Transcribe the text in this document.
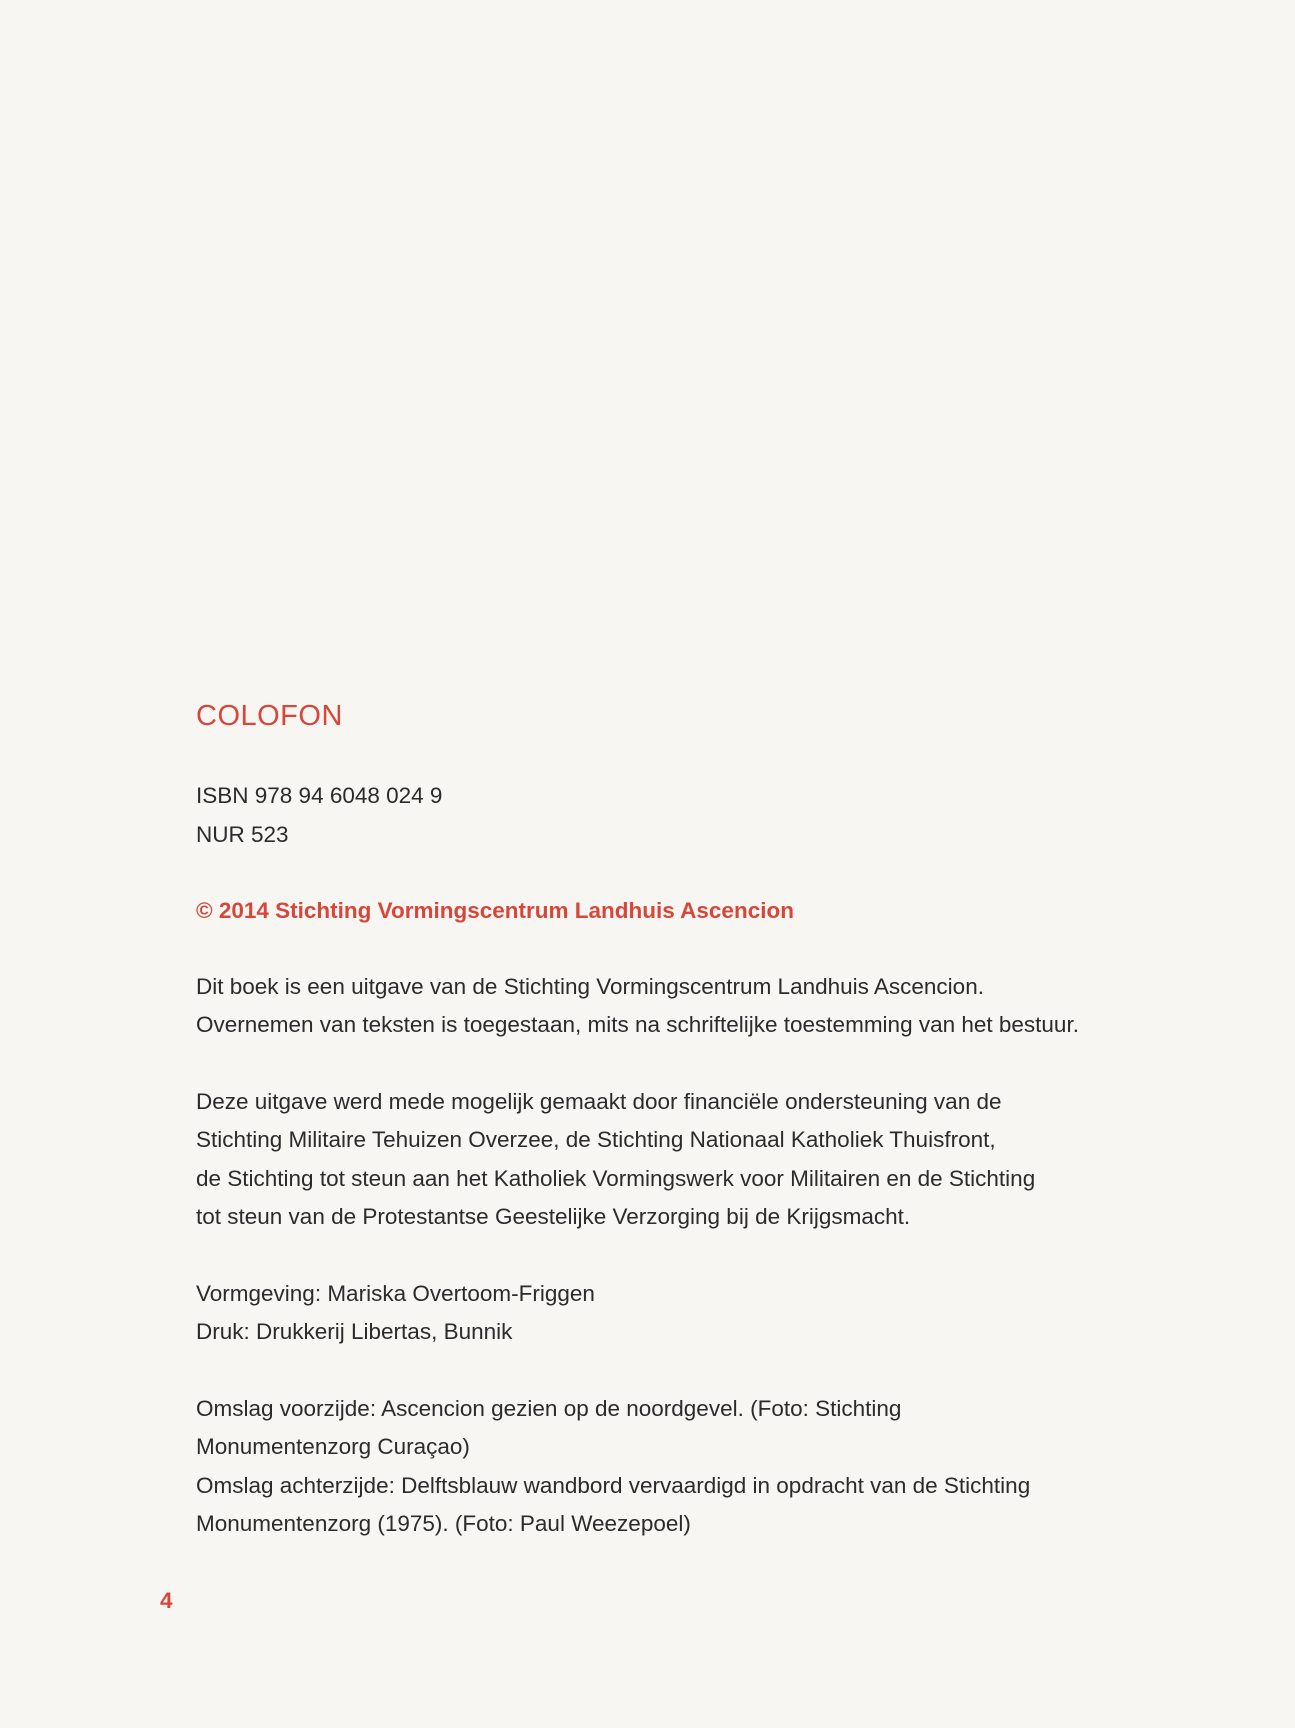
COLOFON

ISBN 978 94 6048 024 9

NUR 523

© 2014 Stichting Vormingscentrum Landhuis Ascencion

Dit boek is een uitgave van de Stichting Vormingscentrum Landhuis Ascencion.

Overnemen van teksten is toegestaan, mits na schriftelijke toestemming van het bestuur.

Deze uitgave werd mede mogelijk gemaakt door financiële ondersteuning van de

Stichting Militaire Tehuizen Overzee, de Stichting Nationaal Katholiek Thuisfront,

de Stichting tot steun aan het Katholiek Vormingswerk voor Militairen en de Stichting

tot steun van de Protestantse Geestelijke Verzorging bij de Krijgsmacht.

Vormgeving: Mariska Overtoom-Friggen

Druk: Drukkerij Libertas, Bunnik

Omslag voorzijde: Ascencion gezien op de noordgevel. (Foto: Stichting

Monumentenzorg Curaçao)

Omslag achterzijde: Delftsblauw wandbord vervaardigd in opdracht van de Stichting

Monumentenzorg (1975). (Foto: Paul Weezepoel)

4
